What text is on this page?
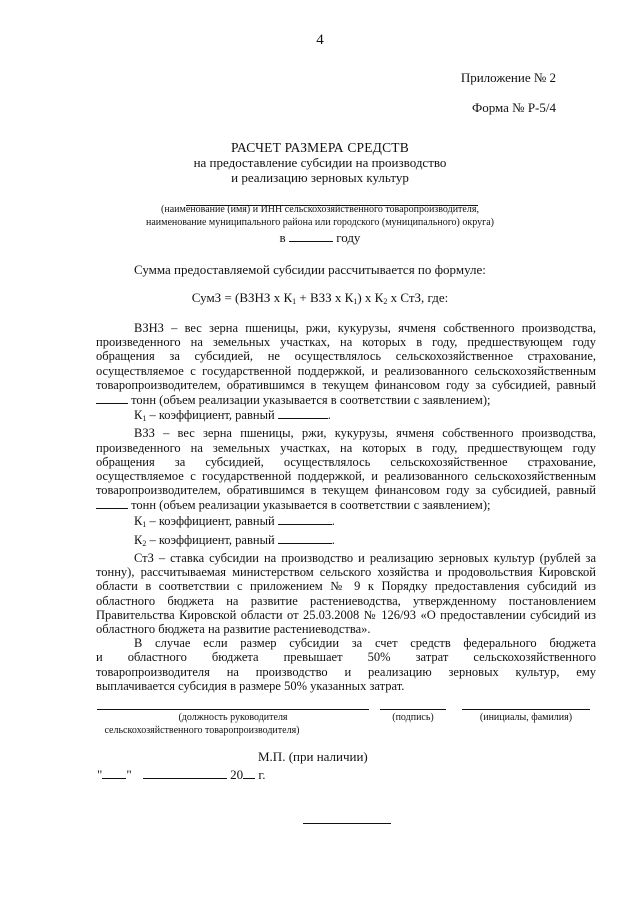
4
Приложение № 2
Форма № Р-5/4
РАСЧЕТ РАЗМЕРА СРЕДСТВ
на предоставление субсидии на производство
и реализацию зерновых культур
(наименование (имя) и ИНН сельскохозяйственного товаропроизводителя,
наименование муниципального района или городского (муниципального) округа)
в	году
Сумма предоставляемой субсидии рассчитывается по формуле:
СумЗ = (ВЗНЗ х $К_1$ + ВЗЗ х $К_1$) х $К_2$ х СтЗ, где:

ВЗНЗ – вес зерна пшеницы, ржи, кукурузы, ячменя собственного производства,

произведенного на земельных участках, на которых в году, предшествующем году

обращения за субсидией, не осуществлялось сельскохозяйственное страхование,

осуществляемое с государственной поддержкой, и реализованного сельскохозяйственным

товаропроизводителем, обратившимся в текущем финансовом году за субсидией, равный

тонн (объем реализации указывается в соответствии с заявлением);

$К_1$ – коэффициент, равный	.

ВЗЗ – вес зерна пшеницы, ржи, кукурузы, ячменя собственного производства,

произведенного на земельных участках, на которых в году, предшествующем году

обращения за субсидией, осуществлялось сельскохозяйственное страхование,

осуществляемое с государственной поддержкой, и реализованного сельскохозяйственным

товаропроизводителем, обратившимся в текущем финансовом году за субсидией, равный

тонн (объем реализации указывается в соответствии с заявлением);

$К_1$ – коэффициент, равный	.

$К_2$ – коэффициент, равный	.

СтЗ – ставка субсидии на производство и реализацию зерновых культур (рублей за

тонну), рассчитываемая министерством сельского хозяйства и продовольствия Кировской

области в соответствии с приложением № 9 к Порядку предоставления субсидий из

областного бюджета на развитие растениеводства, утвержденному постановлением

Правительства Кировской области от 25.03.2008 № 126/93 «О предоставлении субсидий из

областного бюджета на развитие растениеводства».

В случае если размер субсидии за счет средств федерального бюджета

и областного бюджета превышает 50% затрат сельскохозяйственного

товаропроизводителя на производство и реализацию зерновых культур, ему

выплачивается субсидия в размере 50% указанных затрат.

(должность руководителя
сельскохозяйственного товаропроизводителя)
(подпись)	(инициалы, фамилия)
М.П. (при наличии)
" "	20 г.
